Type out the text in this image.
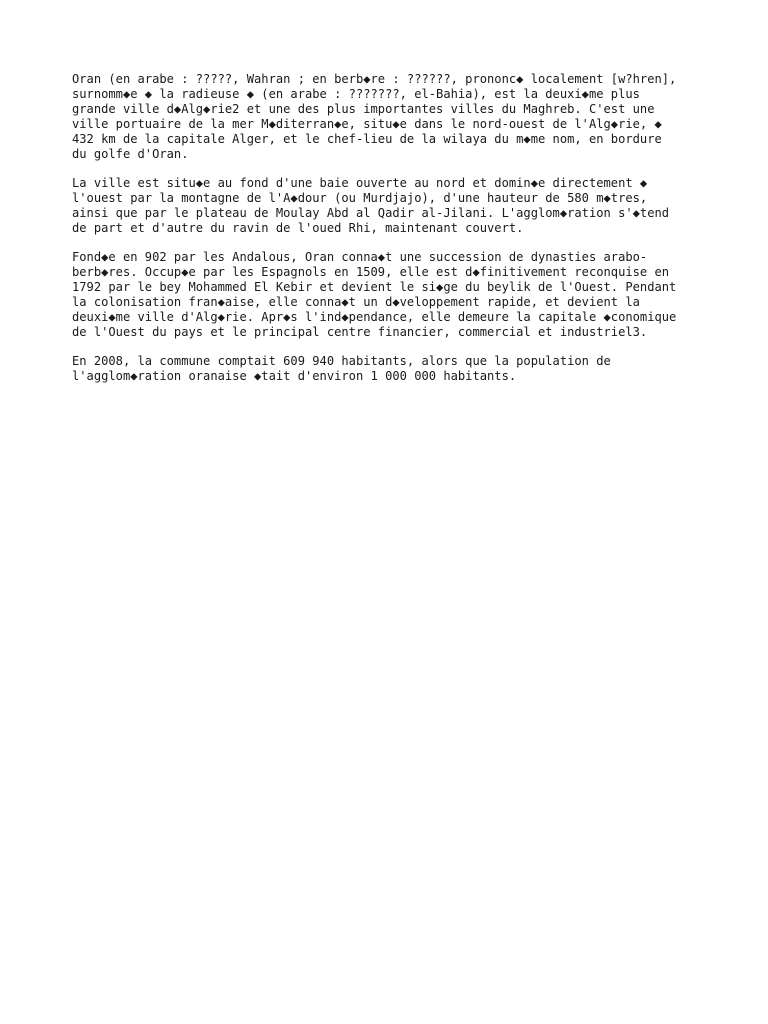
Oran (en arabe : ?????, Wahran ; en berb◆re : ??????, prononc◆ localement [w?hren],
surnomm◆e ◆ la radieuse ◆ (en arabe : ???????, el-Bahia), est la deuxi◆me plus
grande ville d◆Alg◆rie2 et une des plus importantes villes du Maghreb. C'est une
ville portuaire de la mer M◆diterran◆e, situ◆e dans le nord-ouest de l'Alg◆rie, ◆
432 km de la capitale Alger, et le chef-lieu de la wilaya du m◆me nom, en bordure
du golfe d'Oran.

La ville est situ◆e au fond d'une baie ouverte au nord et domin◆e directement ◆
l'ouest par la montagne de l'A◆dour (ou Murdjajo), d'une hauteur de 580 m◆tres,
ainsi que par le plateau de Moulay Abd al Qadir al-Jilani. L'agglom◆ration s'◆tend
de part et d'autre du ravin de l'oued Rhi, maintenant couvert.

Fond◆e en 902 par les Andalous, Oran conna◆t une succession de dynasties arabo-
berb◆res. Occup◆e par les Espagnols en 1509, elle est d◆finitivement reconquise en
1792 par le bey Mohammed El Kebir et devient le si◆ge du beylik de l'Ouest. Pendant
la colonisation fran◆aise, elle conna◆t un d◆veloppement rapide, et devient la
deuxi◆me ville d'Alg◆rie. Apr◆s l'ind◆pendance, elle demeure la capitale ◆conomique
de l'Ouest du pays et le principal centre financier, commercial et industriel3.

En 2008, la commune comptait 609 940 habitants, alors que la population de
l'agglom◆ration oranaise ◆tait d'environ 1 000 000 habitants.
